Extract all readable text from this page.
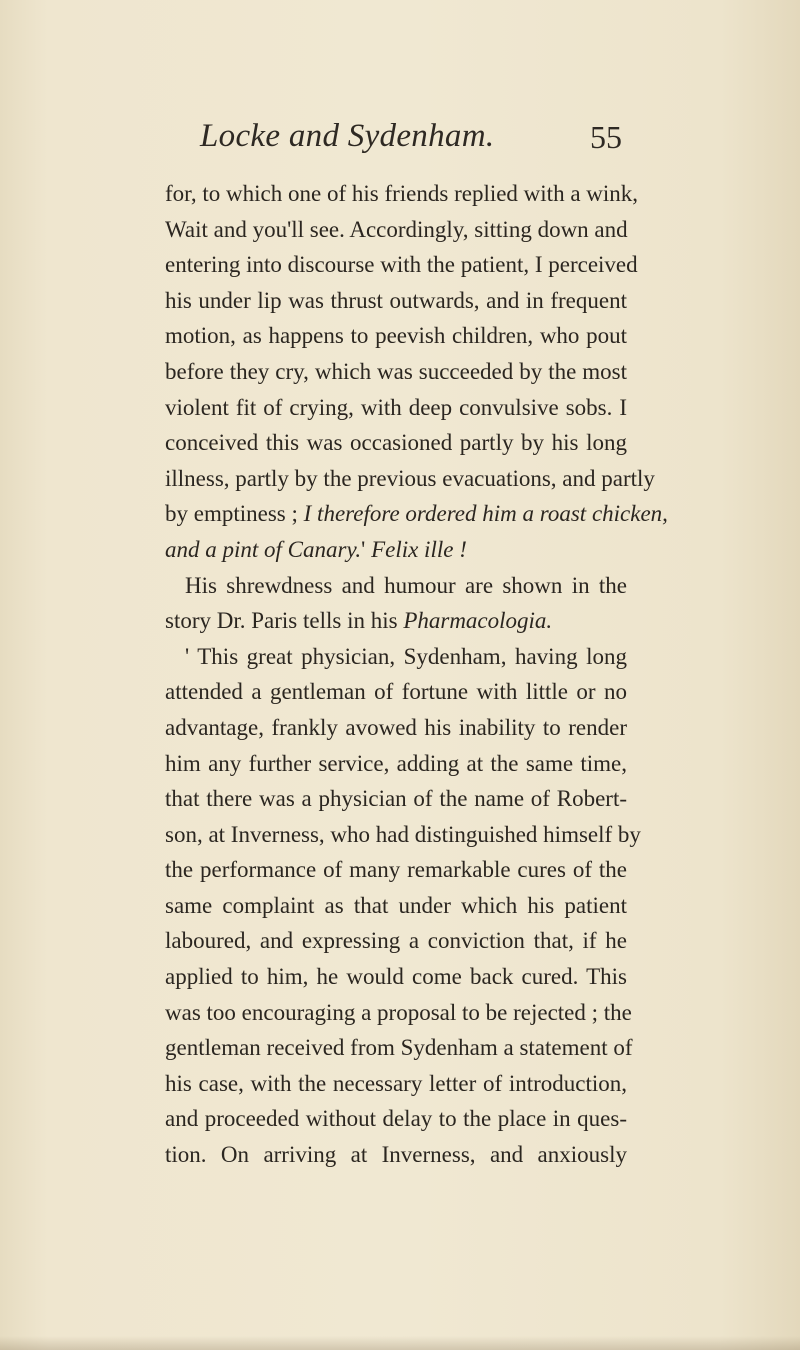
Locke and Sydenham.	55
for, to which one of his friends replied with a wink,
Wait and you'll see. Accordingly, sitting down and
entering into discourse with the patient, I perceived
his under lip was thrust outwards, and in frequent
motion, as happens to peevish children, who pout
before they cry, which was succeeded by the most
violent fit of crying, with deep convulsive sobs. I
conceived this was occasioned partly by his long
illness, partly by the previous evacuations, and partly
by emptiness ; I therefore ordered him a roast chicken,
and a pint of Canary.' Felix ille !
His shrewdness and humour are shown in the
story Dr. Paris tells in his Pharmacologia.
' This great physician, Sydenham, having long
attended a gentleman of fortune with little or no
advantage, frankly avowed his inability to render
him any further service, adding at the same time,
that there was a physician of the name of Robert-
son, at Inverness, who had distinguished himself by
the performance of many remarkable cures of the
same complaint as that under which his patient
laboured, and expressing a conviction that, if he
applied to him, he would come back cured. This
was too encouraging a proposal to be rejected ; the
gentleman received from Sydenham a statement of
his case, with the necessary letter of introduction,
and proceeded without delay to the place in ques-
tion. On arriving at Inverness, and anxiously
